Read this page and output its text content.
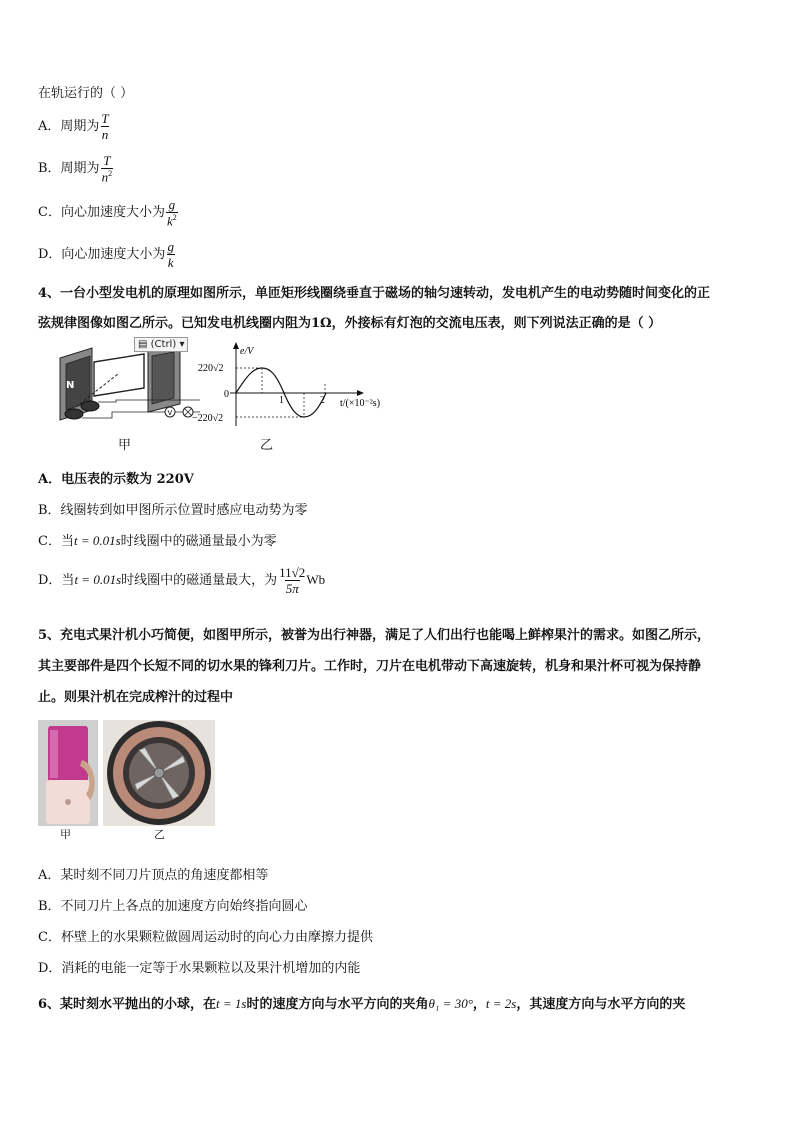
在轨运行的（ ）
A．周期为 $\frac{T}{n}$
B．周期为 $\frac{T}{n^2}$
C．向心加速度大小为 $\frac{g}{k^2}$
D．向心加速度大小为 $\frac{g}{k}$
4、一台小型发电机的原理如图所示，单匝矩形线圈绕垂直于磁场的轴匀速转动，发电机产生的电动势随时间变化的正
弦规律图像如图乙所示。已知发电机线圈内阻为1Ω，外接标有灯泡的交流电压表，则下列说法正确的是（ ）
N
V
▤ (Ctrl) ▾
甲
e/V
t/(×10⁻²s)
220√2
−220√2
0
1	2
乙
A．电压表的示数为 220V
B．线圈转到如甲图所示位置时感应电动势为零
C．当t = 0.01s时线圈中的磁通量最小为零
D．当t = 0.01s时线圈中的磁通量最大，为 $\frac{11√2}{5\pi}$ Wb
5、充电式果汁机小巧简便，如图甲所示，被誉为出行神器，满足了人们出行也能喝上鲜榨果汁的需求。如图乙所示，
其主要部件是四个长短不同的切水果的锋利刀片。工作时，刀片在电机带动下高速旋转，机身和果汁杯可视为保持静
止。则果汁机在完成榨汁的过程中
甲	乙
A．某时刻不同刀片顶点的角速度都相等
B．不同刀片上各点的加速度方向始终指向圆心
C．杯壁上的水果颗粒做圆周运动时的向心力由摩擦力提供
D．消耗的电能一定等于水果颗粒以及果汁机增加的内能
6、某时刻水平抛出的小球，在t = 1s时的速度方向与水平方向的夹角θ₁ = 30°，t = 2s，其速度方向与水平方向的夹
